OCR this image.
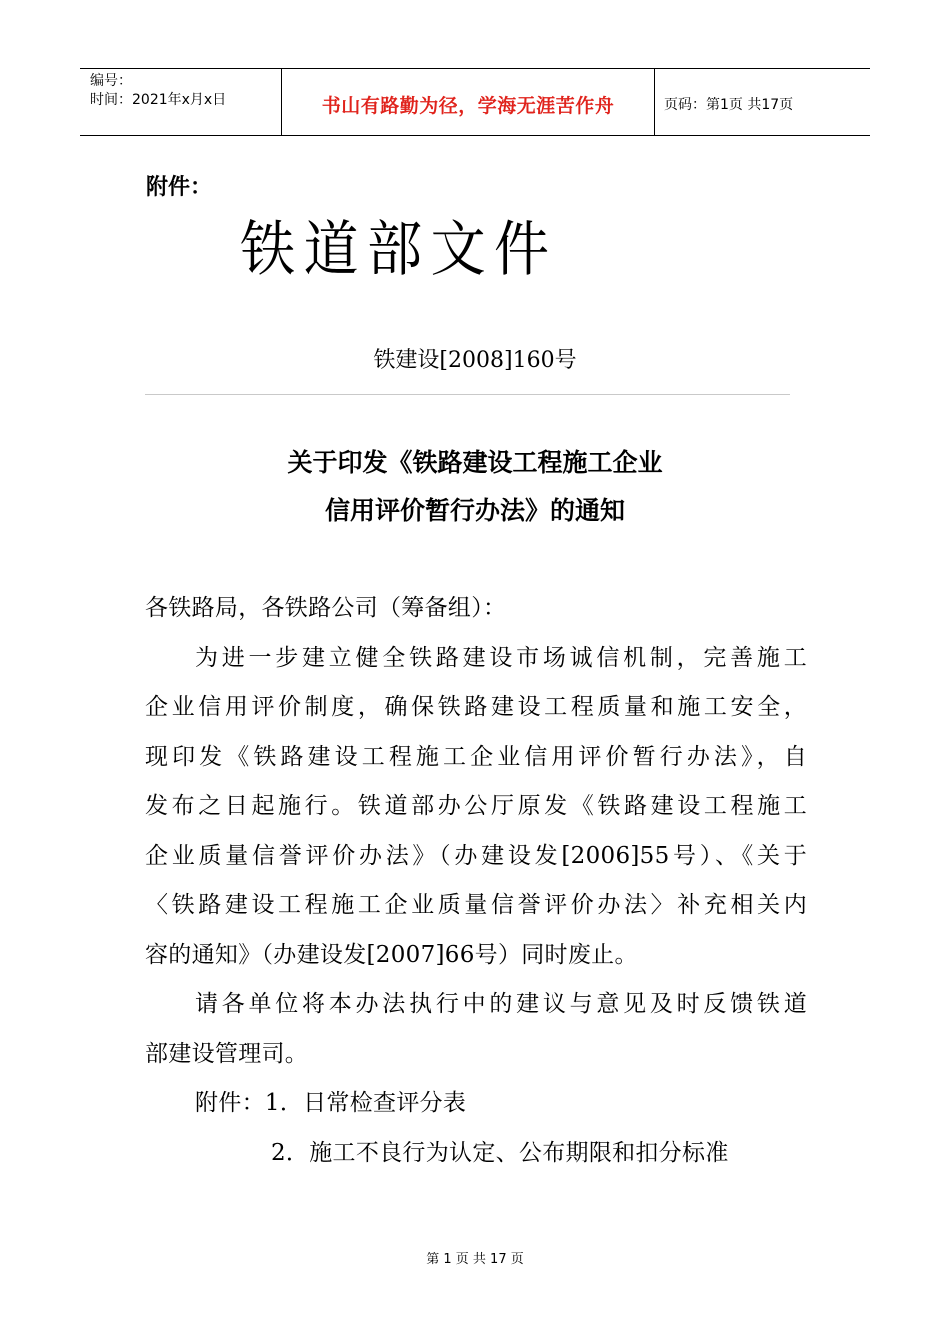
编号：
时间：2021年x月x日	书山有路勤为径，学海无涯苦作舟	页码：第1页 共17页
附件：
铁道部文件
铁建设[2008]160号
关于印发《铁路建设工程施工企业
信用评价暂行办法》的通知
各铁路局，各铁路公司（筹备组）：
为进一步建立健全铁路建设市场诚信机制，完善施工
企业信用评价制度，确保铁路建设工程质量和施工安全，
现印发《铁路建设工程施工企业信用评价暂行办法》，自
发布之日起施行。铁道部办公厅原发《铁路建设工程施工
企业质量信誉评价办法》（办建设发[2006]55号）、《关于
〈铁路建设工程施工企业质量信誉评价办法〉补充相关内
容的通知》（办建设发[2007]66号）同时废止。
请各单位将本办法执行中的建议与意见及时反馈铁道
部建设管理司。
附件：1．日常检查评分表
2．施工不良行为认定、公布期限和扣分标准
第 1 页 共 17 页
